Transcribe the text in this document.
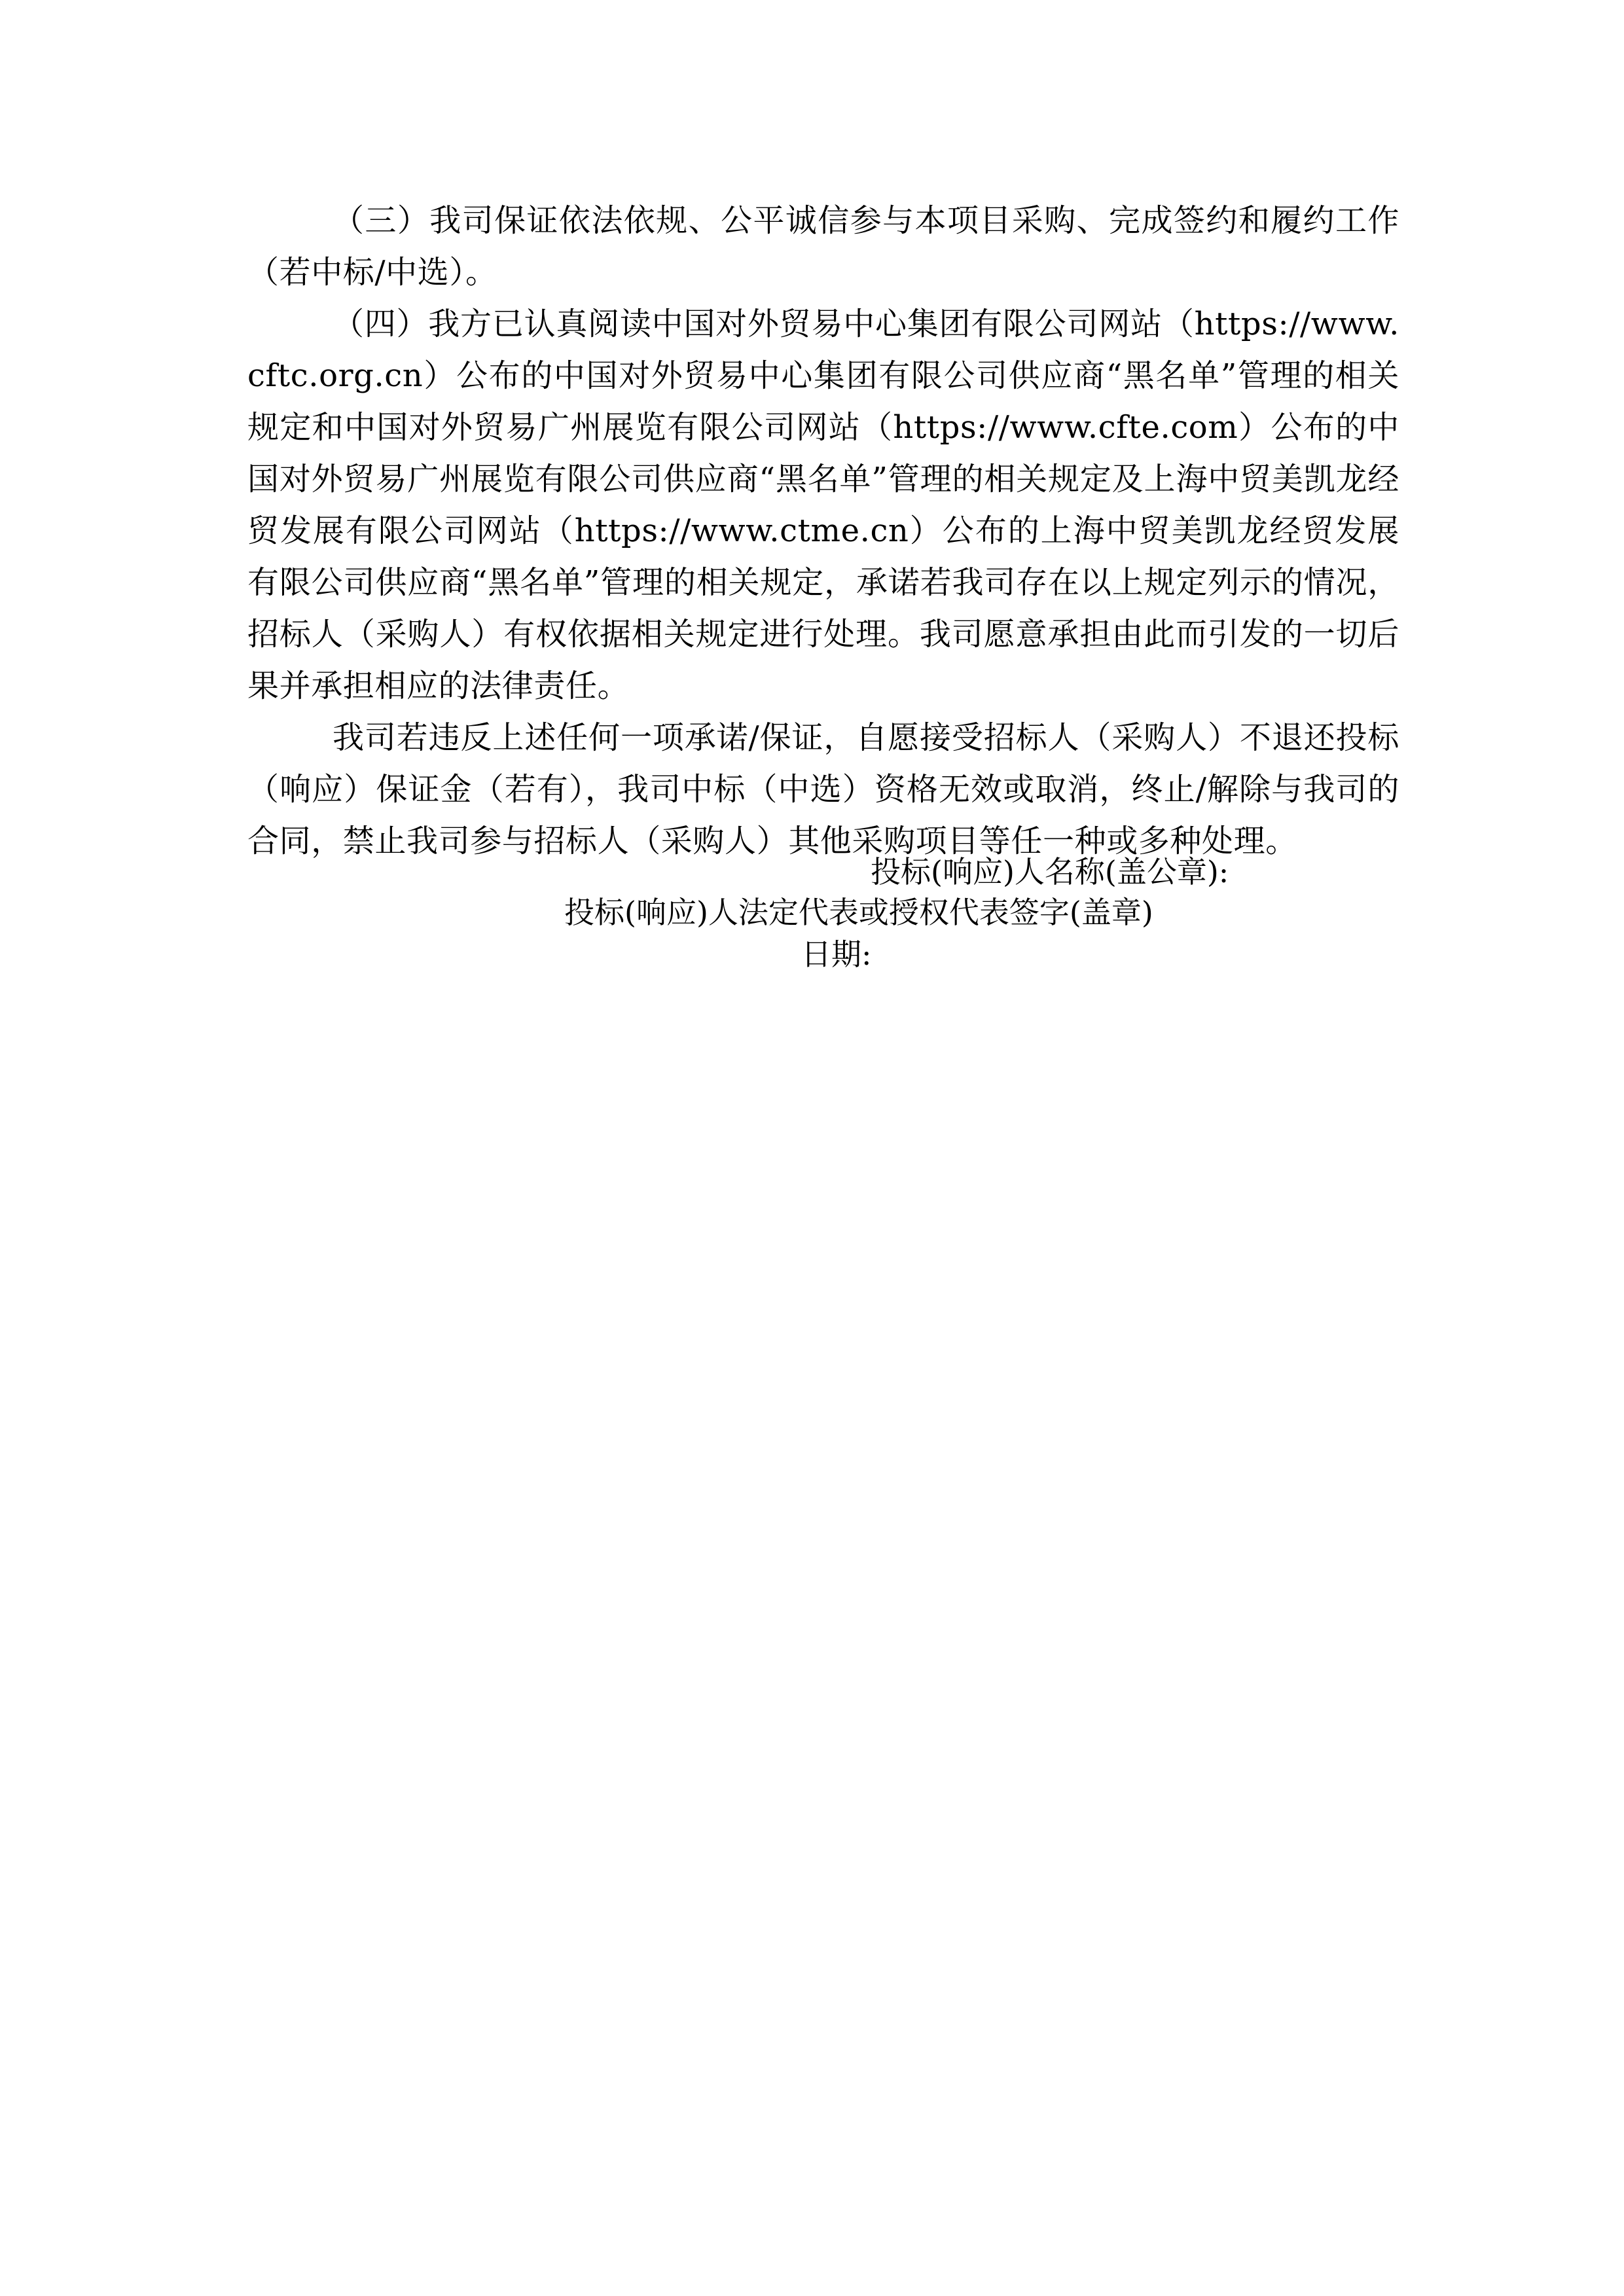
（三）我司保证依法依规、公平诚信参与本项目采购、完成签约和履约工作（若中标/中选）。

（四）我方已认真阅读中国对外贸易中心集团有限公司网站（https://www.cftc.org.cn）公布的中国对外贸易中心集团有限公司供应商“黑名单”管理的相关规定和中国对外贸易广州展览有限公司网站（https://www.cfte.com）公布的中国对外贸易广州展览有限公司供应商“黑名单”管理的相关规定及上海中贸美凯龙经贸发展有限公司网站（https://www.ctme.cn）公布的上海中贸美凯龙经贸发展有限公司供应商“黑名单”管理的相关规定，承诺若我司存在以上规定列示的情况，招标人（采购人）有权依据相关规定进行处理。我司愿意承担由此而引发的一切后果并承担相应的法律责任。

我司若违反上述任何一项承诺/保证，自愿接受招标人（采购人）不退还投标（响应）保证金（若有），我司中标（中选）资格无效或取消，终止/解除与我司的合同，禁止我司参与招标人（采购人）其他采购项目等任一种或多种处理。

投标(响应)人名称(盖公章):
投标(响应)人法定代表或授权代表签字(盖章)
日期:
